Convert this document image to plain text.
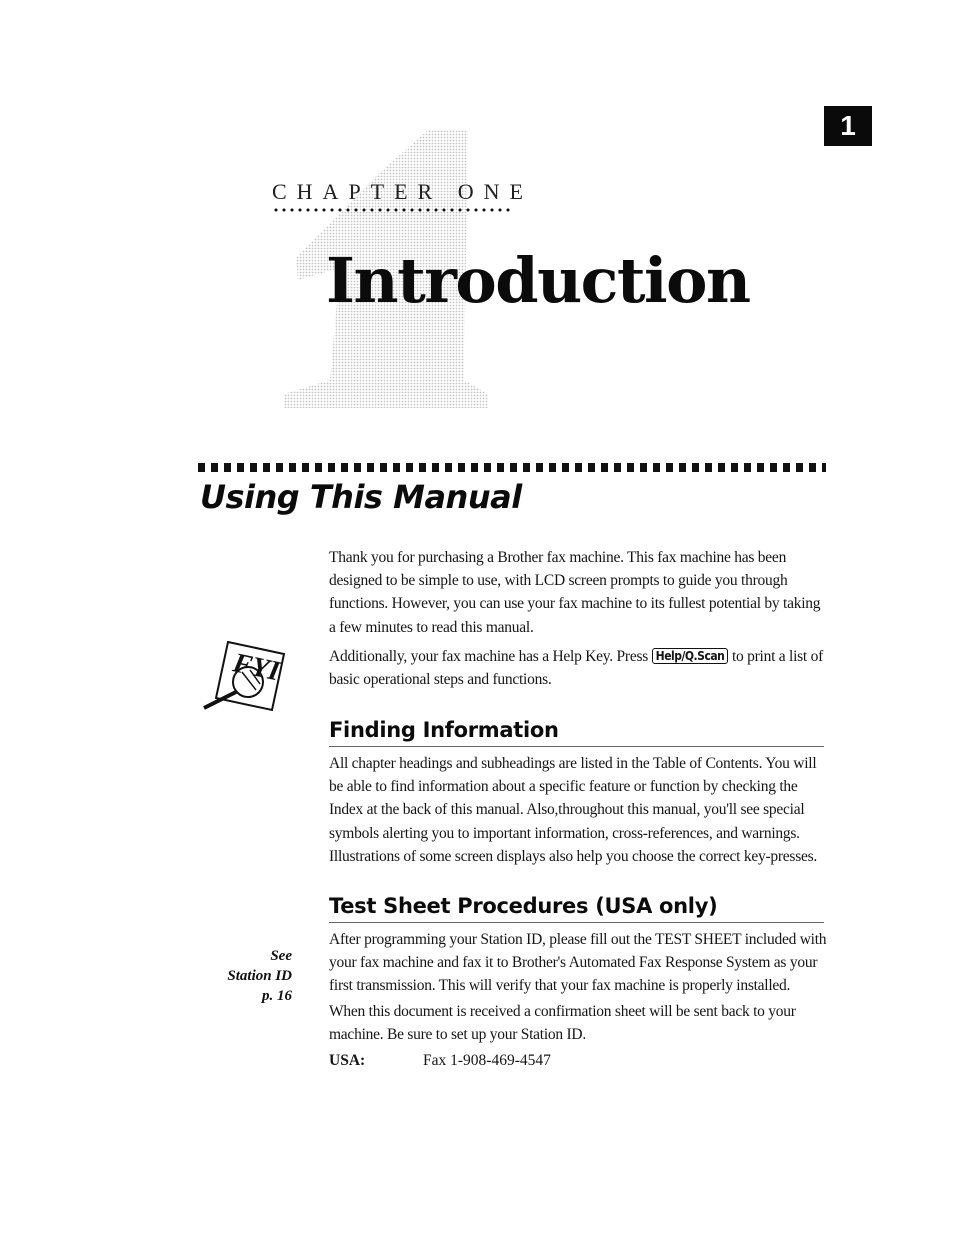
1
CHAPTER ONE
Introduction
Using This Manual
Thank you for purchasing a Brother fax machine. This fax machine has been designed to be simple to use, with LCD screen prompts to guide you through functions. However, you can use your fax machine to its fullest potential by taking a few minutes to read this manual.
FYI	Additionally, your fax machine has a Help Key. Press Help/Q.Scan to print a list of basic operational steps and functions.
Finding Information
All chapter headings and subheadings are listed in the Table of Contents. You will be able to find information about a specific feature or function by checking the Index at the back of this manual. Also,throughout this manual, you'll see special symbols alerting you to important information, cross-references, and warnings. Illustrations of some screen displays also help you choose the correct key-presses.
Test Sheet Procedures (USA only)
See
Station ID
p. 16
After programming your Station ID, please fill out the TEST SHEET included with your fax machine and fax it to Brother's Automated Fax Response System as your first transmission. This will verify that your fax machine is properly installed.
When this document is received a confirmation sheet will be sent back to your machine. Be sure to set up your Station ID.
USA:	Fax 1-908-469-4547
